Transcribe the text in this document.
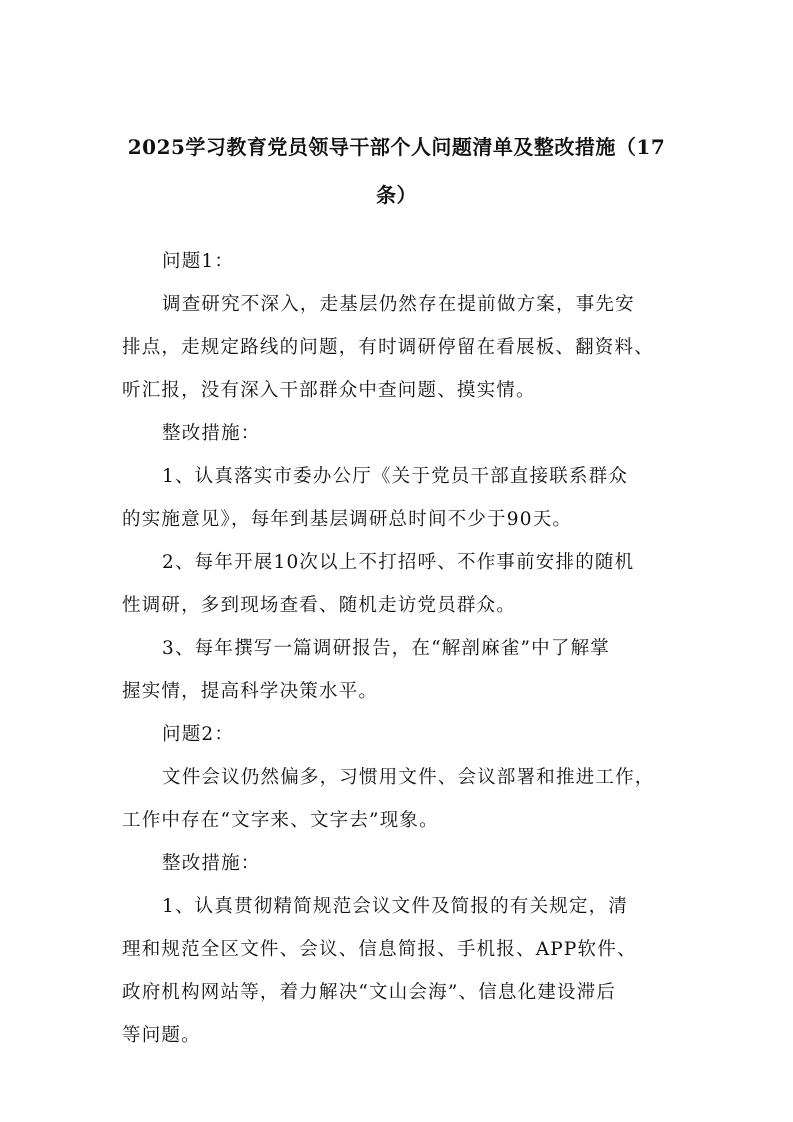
2025学习教育党员领导干部个人问题清单及整改措施（17
条）
问题1：
调查研究不深入，走基层仍然存在提前做方案，事先安
排点，走规定路线的问题，有时调研停留在看展板、翻资料、
听汇报，没有深入干部群众中查问题、摸实情。
整改措施：
1、认真落实市委办公厅《关于党员干部直接联系群众
的实施意见》，每年到基层调研总时间不少于90天。
2、每年开展10次以上不打招呼、不作事前安排的随机
性调研，多到现场查看、随机走访党员群众。
3、每年撰写一篇调研报告，在“解剖麻雀”中了解掌
握实情，提高科学决策水平。
问题2：
文件会议仍然偏多，习惯用文件、会议部署和推进工作，
工作中存在“文字来、文字去”现象。
整改措施：
1、认真贯彻精简规范会议文件及简报的有关规定，清
理和规范全区文件、会议、信息简报、手机报、APP软件、
政府机构网站等，着力解决“文山会海”、信息化建设滞后
等问题。
